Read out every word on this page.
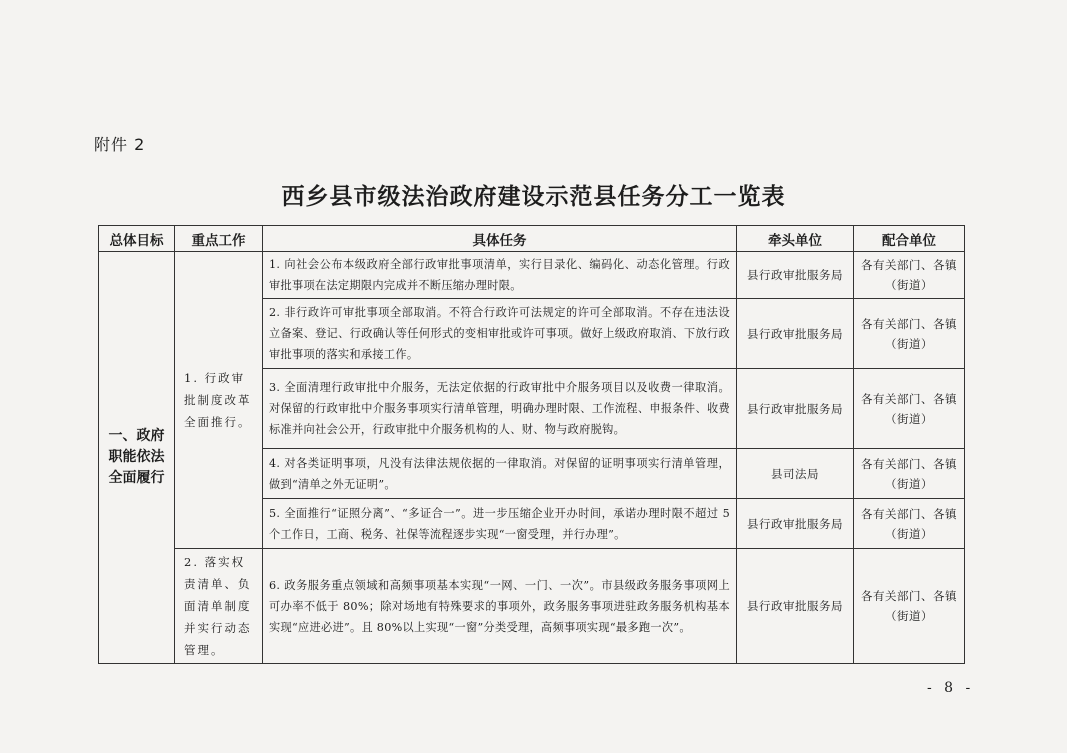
附件 2
西乡县市级法治政府建设示范县任务分工一览表
总体目标	重点工作	具体任务	牵头单位	配合单位

一、政府职能依法全面履行	1. 行政审批制度改革全面推行。	1. 向社会公布本级政府全部行政审批事项清单，实行目录化、编码化、动态化管理。行政审批事项在法定期限内完成并不断压缩办理时限。	县行政审批服务局	各有关部门、各镇（街道）
		2. 非行政许可审批事项全部取消。不符合行政许可法规定的许可全部取消。不存在违法设立备案、登记、行政确认等任何形式的变相审批或许可事项。做好上级政府取消、下放行政审批事项的落实和承接工作。	县行政审批服务局	各有关部门、各镇（街道）
		3. 全面清理行政审批中介服务，无法定依据的行政审批中介服务项目以及收费一律取消。对保留的行政审批中介服务事项实行清单管理，明确办理时限、工作流程、申报条件、收费标准并向社会公开，行政审批中介服务机构的人、财、物与政府脱钩。	县行政审批服务局	各有关部门、各镇（街道）
		4. 对各类证明事项，凡没有法律法规依据的一律取消。对保留的证明事项实行清单管理，做到“清单之外无证明”。	县司法局	各有关部门、各镇（街道）
		5. 全面推行“证照分离”、“多证合一”。进一步压缩企业开办时间，承诺办理时限不超过 5 个工作日，工商、税务、社保等流程逐步实现“一窗受理，并行办理”。	县行政审批服务局	各有关部门、各镇（街道）
	2. 落实权责清单、负面清单制度并实行动态管理。	6. 政务服务重点领域和高频事项基本实现“一网、一门、一次”。市县级政务服务事项网上可办率不低于 80%；除对场地有特殊要求的事项外，政务服务事项进驻政务服务机构基本实现“应进必进”。且 80%以上实现“一窗”分类受理，高频事项实现“最多跑一次”。	县行政审批服务局	各有关部门、各镇（街道）
- 8 -
